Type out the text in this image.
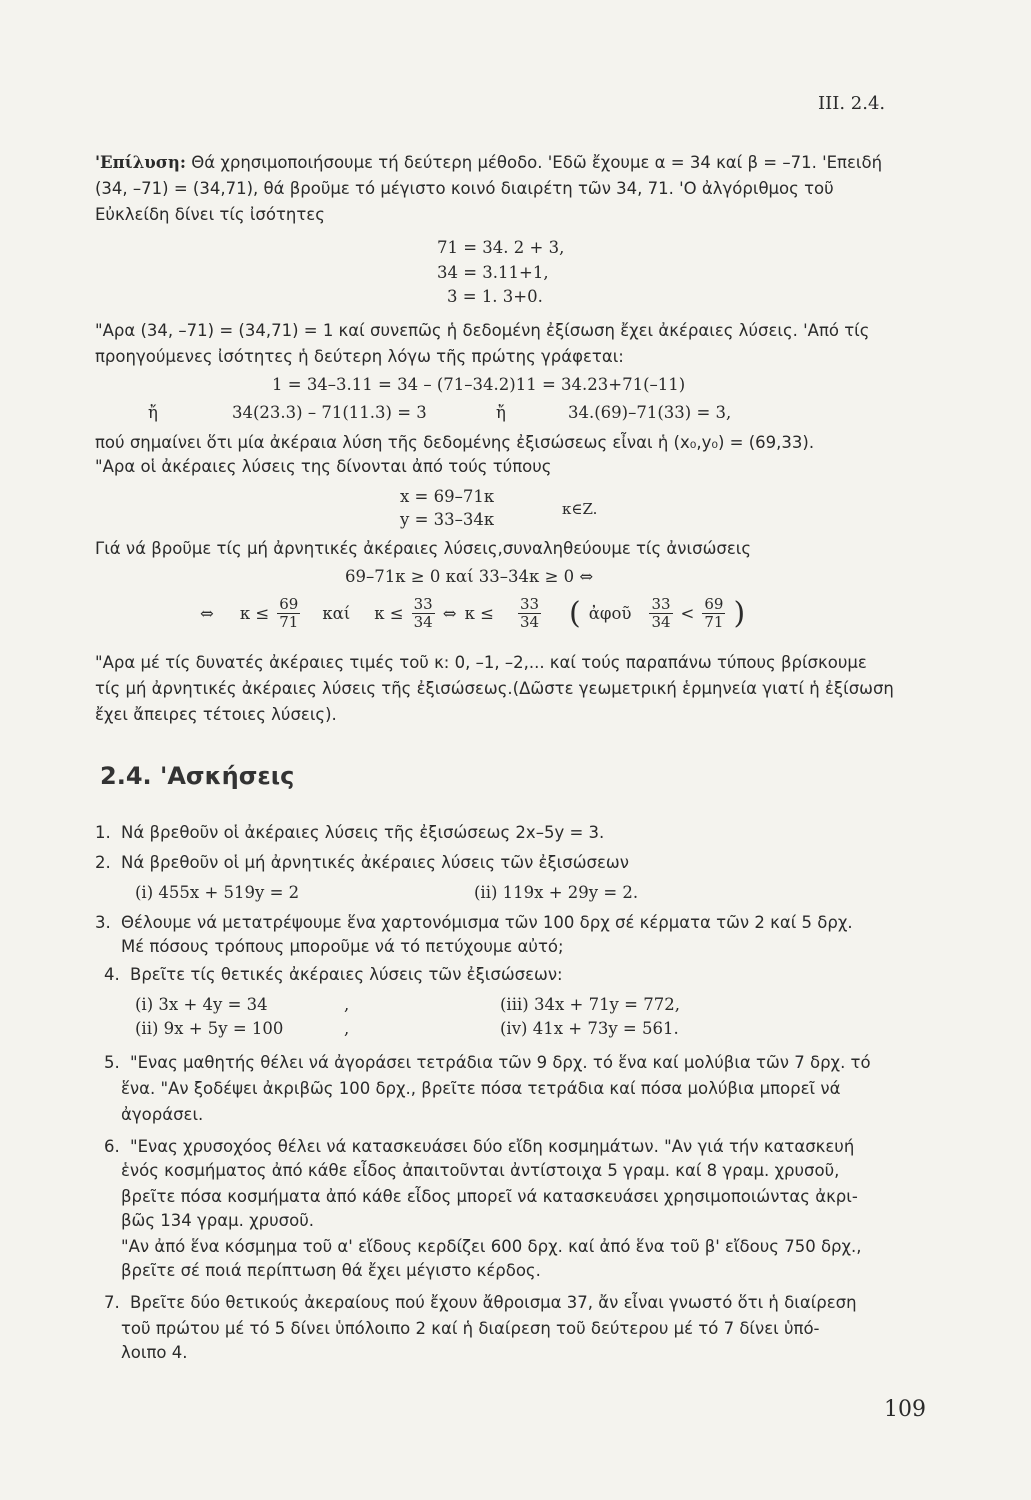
III. 2.4.
'Επίλυση: Θά χρησιμοποιήσουμε τή δεύτερη μέθοδο. 'Εδῶ ἔχουμε α = 34 καί β = –71. 'Επειδή
(34, –71) = (34,71), θά βροῦμε τό μέγιστο κοινό διαιρέτη τῶν 34, 71. 'Ο ἀλγόριθμος τοῦ
Εὐκλείδη δίνει τίς ἰσότητες
71 = 34. 2 + 3,
34 = 3.11+1,
3 = 1. 3+0.
"Αρα (34, –71) = (34,71) = 1 καί συνεπῶς ἡ δεδομένη ἐξίσωση ἔχει ἀκέραιες λύσεις. 'Από τίς
προηγούμενες ἰσότητες ἡ δεύτερη λόγω τῆς πρώτης γράφεται:
1 = 34–3.11 = 34 – (71–34.2)11 = 34.23+71(–11)
ἤ	34(23.3) – 71(11.3) = 3	ἤ	34.(69)–71(33) = 3,
πού σημαίνει ὅτι μία ἀκέραια λύση τῆς δεδομένης ἐξισώσεως εἶναι ἡ (x₀,y₀) = (69,33).
"Αρα οἱ ἀκέραιες λύσεις της δίνονται ἀπό τούς τύπους
x = 69–71κ
y = 33–34κ
κ∈Z.
Γιά νά βροῦμε τίς μή ἀρνητικές ἀκέραιες λύσεις,συναληθεύουμε τίς ἀνισώσεις
69–71κ ≥ 0 καί 33–34κ ≥ 0 ⇔
⇔ $\kappa \le \frac{69}{71}$ καί $\kappa \le \frac{33}{34}$ ⇔ $\kappa \le \frac{33}{34}$ ( ἀφοῦ $\frac{33}{34} < \frac{69}{71}$ )
"Αρα μέ τίς δυνατές ἀκέραιες τιμές τοῦ κ: 0, –1, –2,... καί τούς παραπάνω τύπους βρίσκουμε
τίς μή ἀρνητικές ἀκέραιες λύσεις τῆς ἐξισώσεως.(Δῶστε γεωμετρική ἑρμηνεία γιατί ἡ ἐξίσωση
ἔχει ἄπειρες τέτοιες λύσεις).
2.4. 'Ασκήσεις
1. Νά βρεθοῦν οἱ ἀκέραιες λύσεις τῆς ἐξισώσεως 2x–5y = 3.
2. Νά βρεθοῦν οἱ μή ἀρνητικές ἀκέραιες λύσεις τῶν ἐξισώσεων
(i) 455x + 519y = 2	(ii) 119x + 29y = 2.
3. Θέλουμε νά μετατρέψουμε ἕνα χαρτονόμισμα τῶν 100 δρχ σέ κέρματα τῶν 2 καί 5 δρχ.
Μέ πόσους τρόπους μποροῦμε νά τό πετύχουμε αὐτό;
4. Βρεῖτε τίς θετικές ἀκέραιες λύσεις τῶν ἐξισώσεων:
(i) 3x + 4y = 34	,	(iii) 34x + 71y = 772,
(ii) 9x + 5y = 100	,	(iv) 41x + 73y = 561.
5. "Ενας μαθητής θέλει νά ἀγοράσει τετράδια τῶν 9 δρχ. τό ἕνα καί μολύβια τῶν 7 δρχ. τό
ἕνα. "Αν ξοδέψει ἀκριβῶς 100 δρχ., βρεῖτε πόσα τετράδια καί πόσα μολύβια μπορεῖ νά
ἀγοράσει.
6. "Ενας χρυσοχόος θέλει νά κατασκευάσει δύο εἴδη κοσμημάτων. "Αν γιά τήν κατασκευή
ἑνός κοσμήματος ἀπό κάθε εἶδος ἀπαιτοῦνται ἀντίστοιχα 5 γραμ. καί 8 γραμ. χρυσοῦ,
βρεῖτε πόσα κοσμήματα ἀπό κάθε εἶδος μπορεῖ νά κατασκευάσει χρησιμοποιώντας ἀκρι-
βῶς 134 γραμ. χρυσοῦ.
"Αν ἀπό ἕνα κόσμημα τοῦ α' εἴδους κερδίζει 600 δρχ. καί ἀπό ἕνα τοῦ β' εἴδους 750 δρχ.,
βρεῖτε σέ ποιά περίπτωση θά ἔχει μέγιστο κέρδος.
7. Βρεῖτε δύο θετικούς ἀκεραίους πού ἔχουν ἄθροισμα 37, ἄν εἶναι γνωστό ὅτι ἡ διαίρεση
τοῦ πρώτου μέ τό 5 δίνει ὑπόλοιπο 2 καί ἡ διαίρεση τοῦ δεύτερου μέ τό 7 δίνει ὑπό-
λοιπο 4.
109
